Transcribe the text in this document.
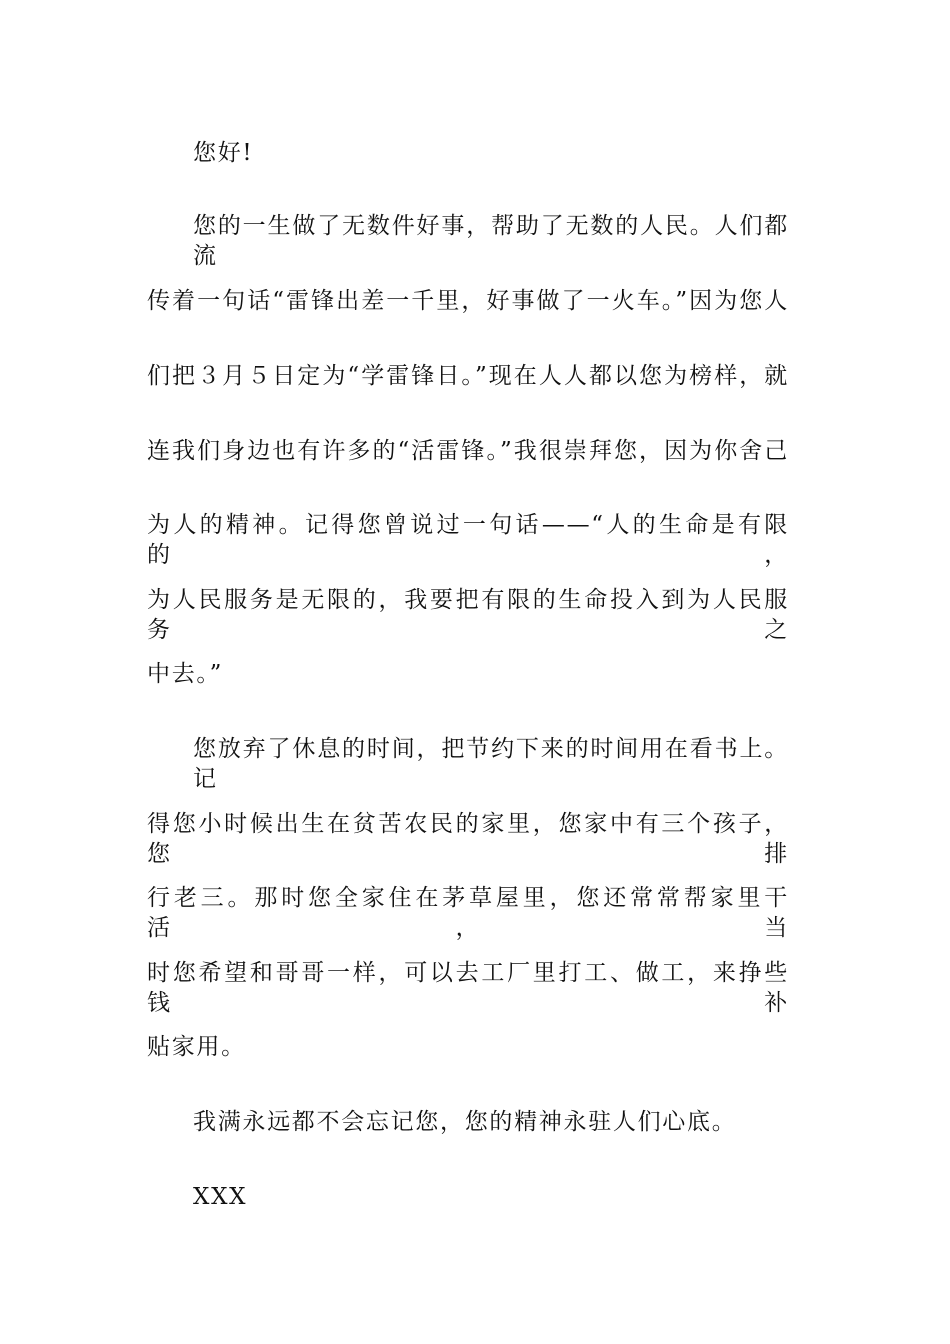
您好!
您的一生做了无数件好事，帮助了无数的人民。人们都流
传着一句话“雷锋出差一千里，好事做了一火车。”因为您人
们把３月５日定为“学雷锋日。”现在人人都以您为榜样，就
连我们身边也有许多的“活雷锋。”我很崇拜您，因为你舍己
为人的精神。记得您曾说过一句话——“人的生命是有限的，
为人民服务是无限的，我要把有限的生命投入到为人民服务之
中去。”
您放弃了休息的时间，把节约下来的时间用在看书上。记
得您小时候出生在贫苦农民的家里，您家中有三个孩子，您排
行老三。那时您全家住在茅草屋里，您还常常帮家里干活，当
时您希望和哥哥一样，可以去工厂里打工、做工，来挣些钱补
贴家用。
我满永远都不会忘记您，您的精神永驻人们心底。
XXX
